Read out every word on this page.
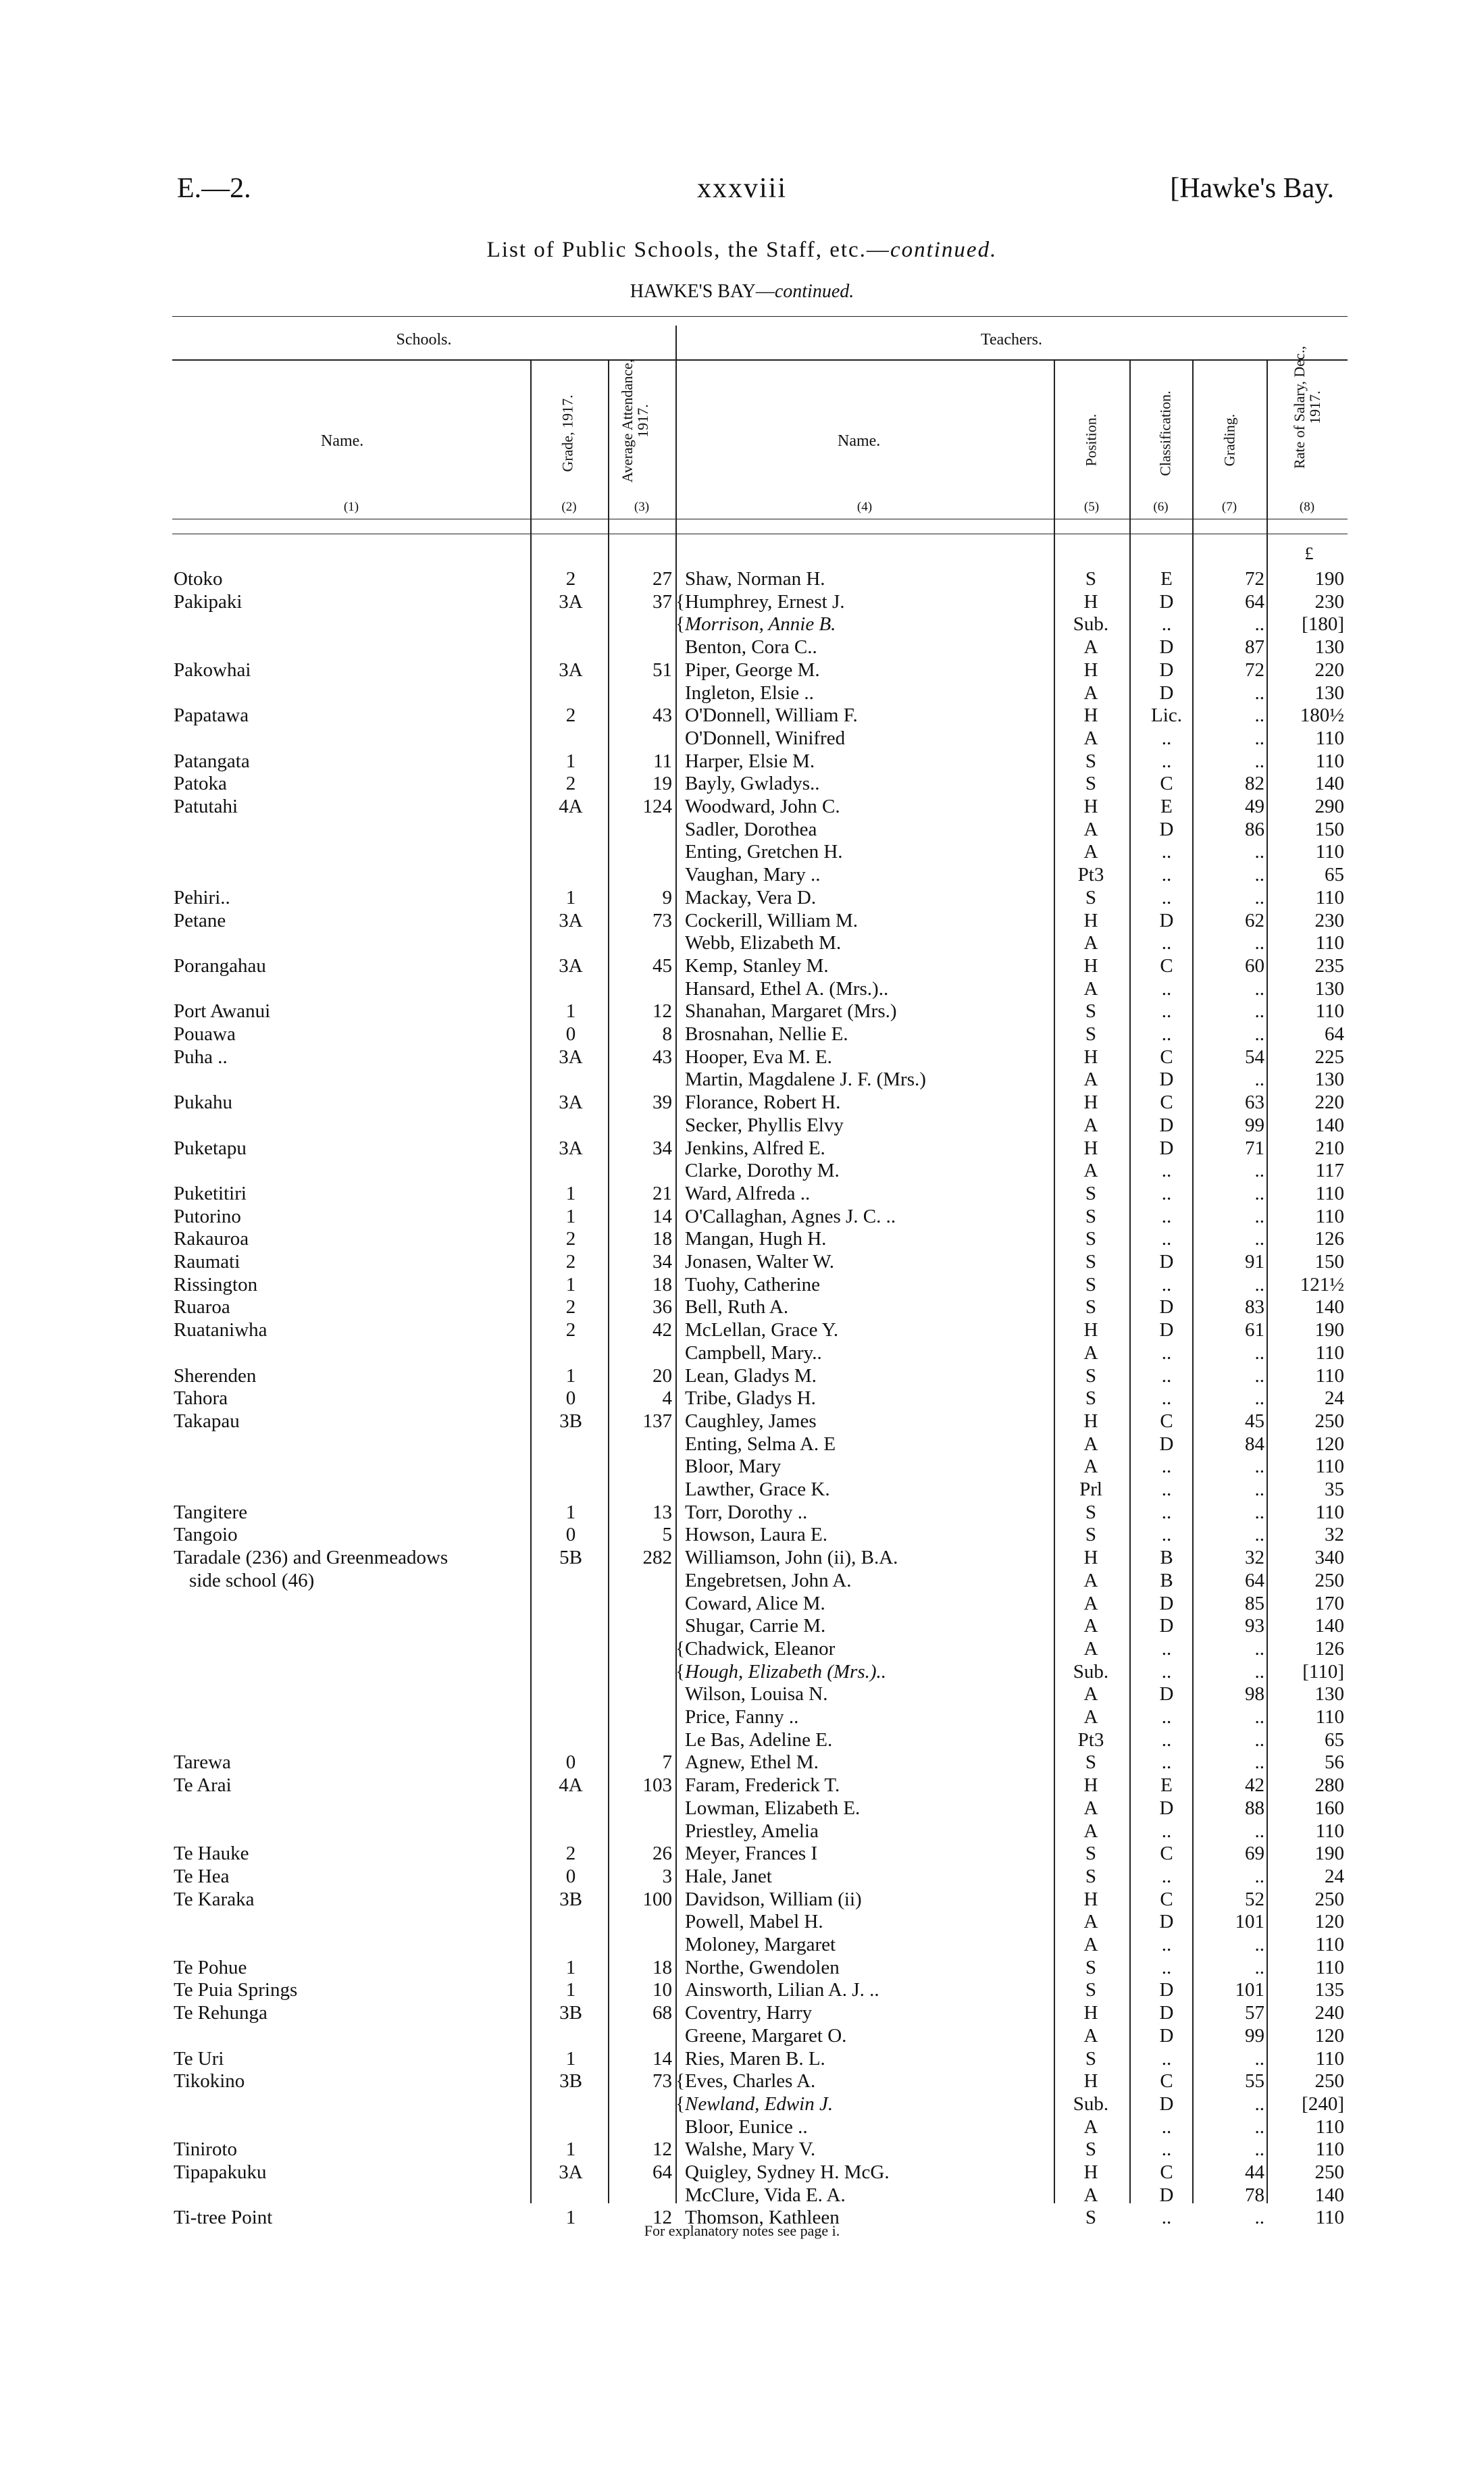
E.—2.	xxxviii	[Hawke's Bay.
List of Public Schools, the Staff, etc.—continued.
HAWKE'S BAY—continued.
Schools.	Teachers.
Name.	Grade, 1917.	Average Attendance, 1917.
Name.	Position.	Classification.	Grading.	Rate of Salary, Dec., 1917.
(1)	(2)	(3)	(4)	(5)	(6)	(7)	(8)
£
Otoko	2	27 Shaw, Norman H.	S	E	72	190
Pakipaki	3A	37 { Humphrey, Ernest J.	H	D	64	230
{ Morrison, Annie B.	Sub.	..	..	[180]
Benton, Cora C..	A	D	87	130
Pakowhai	3A	51 Piper, George M.	H	D	72	220
Ingleton, Elsie ..	A	D	..	130
Papatawa	2	43 O'Donnell, William F.	H	Lic.	..	180½
O'Donnell, Winifred	A	..	..	110
Patangata	1	11 Harper, Elsie M.	S	..	..	110
Patoka	2	19 Bayly, Gwladys..	S	C	82	140
Patutahi	4A	124 Woodward, John C.	H	E	49	290
Sadler, Dorothea	A	D	86	150
Enting, Gretchen H.	A	..	..	110
Vaughan, Mary ..	Pt3	..	..	65
Pehiri..	1	9 Mackay, Vera D.	S	..	..	110
Petane	3A	73 Cockerill, William M.	H	D	62	230
Webb, Elizabeth M.	A	..	..	110
Porangahau	3A	45 Kemp, Stanley M.	H	C	60	235
Hansard, Ethel A. (Mrs.)..	A	..	..	130
Port Awanui	1	12 Shanahan, Margaret (Mrs.)	S	..	..	110
Pouawa	0	8 Brosnahan, Nellie E.	S	..	..	64
Puha ..	3A	43 Hooper, Eva M. E.	H	C	54	225
Martin, Magdalene J. F. (Mrs.)	A	D	..	130
Pukahu	3A	39 Florance, Robert H.	H	C	63	220
Secker, Phyllis Elvy	A	D	99	140
Puketapu	3A	34 Jenkins, Alfred E.	H	D	71	210
Clarke, Dorothy M.	A	..	..	117
Puketitiri	1	21 Ward, Alfreda ..	S	..	..	110
Putorino	1	14 O'Callaghan, Agnes J. C. ..	S	..	..	110
Rakauroa	2	18 Mangan, Hugh H.	S	..	..	126
Raumati	2	34 Jonasen, Walter W.	S	D	91	150
Rissington	1	18 Tuohy, Catherine	S	..	..	121½
Ruaroa	2	36 Bell, Ruth A.	S	D	83	140
Ruataniwha	2	42 McLellan, Grace Y.	H	D	61	190
Campbell, Mary..	A	..	..	110
Sherenden	1	20 Lean, Gladys M.	S	..	..	110
Tahora	0	4 Tribe, Gladys H.	S	..	..	24
Takapau	3B	137 Caughley, James	H	C	45	250
Enting, Selma A. E	A	D	84	120
Bloor, Mary	A	..	..	110
Lawther, Grace K.	Prl	..	..	35
Tangitere	1	13 Torr, Dorothy ..	S	..	..	110
Tangoio	0	5 Howson, Laura E.	S	..	..	32
Taradale (236) and Greenmeadows	5B	282 Williamson, John (ii), B.A.	H	B	32	340
side school (46)	Engebretsen, John A.	A	B	64	250
Coward, Alice M.	A	D	85	170
Shugar, Carrie M.	A	D	93	140
{ Chadwick, Eleanor	A	..	..	126
{ Hough, Elizabeth (Mrs.)..	Sub.	..	..	[110]
Wilson, Louisa N.	A	D	98	130
Price, Fanny ..	A	..	..	110
Le Bas, Adeline E.	Pt3	..	..	65
Tarewa	0	7 Agnew, Ethel M.	S	..	..	56
Te Arai	4A	103 Faram, Frederick T.	H	E	42	280
Lowman, Elizabeth E.	A	D	88	160
Priestley, Amelia	A	..	..	110
Te Hauke	2	26 Meyer, Frances I	S	C	69	190
Te Hea	0	3 Hale, Janet	S	..	..	24
Te Karaka	3B	100 Davidson, William (ii)	H	C	52	250
Powell, Mabel H.	A	D	101	120
Moloney, Margaret	A	..	..	110
Te Pohue	1	18 Northe, Gwendolen	S	..	..	110
Te Puia Springs	1	10 Ainsworth, Lilian A. J. ..	S	D	101	135
Te Rehunga	3B	68 Coventry, Harry	H	D	57	240
Greene, Margaret O.	A	D	99	120
Te Uri	1	14 Ries, Maren B. L.	S	..	..	110
Tikokino	3B	73 { Eves, Charles A.	H	C	55	250
{ Newland, Edwin J.	Sub.	D	..	[240]
Bloor, Eunice ..	A	..	..	110
Tiniroto	1	12 Walshe, Mary V.	S	..	..	110
Tipapakuku	3A	64 Quigley, Sydney H. McG.	H	C	44	250
McClure, Vida E. A.	A	D	78	140
Ti-tree Point	1	12 Thomson, Kathleen	S	..	..	110
For explanatory notes see page i.
